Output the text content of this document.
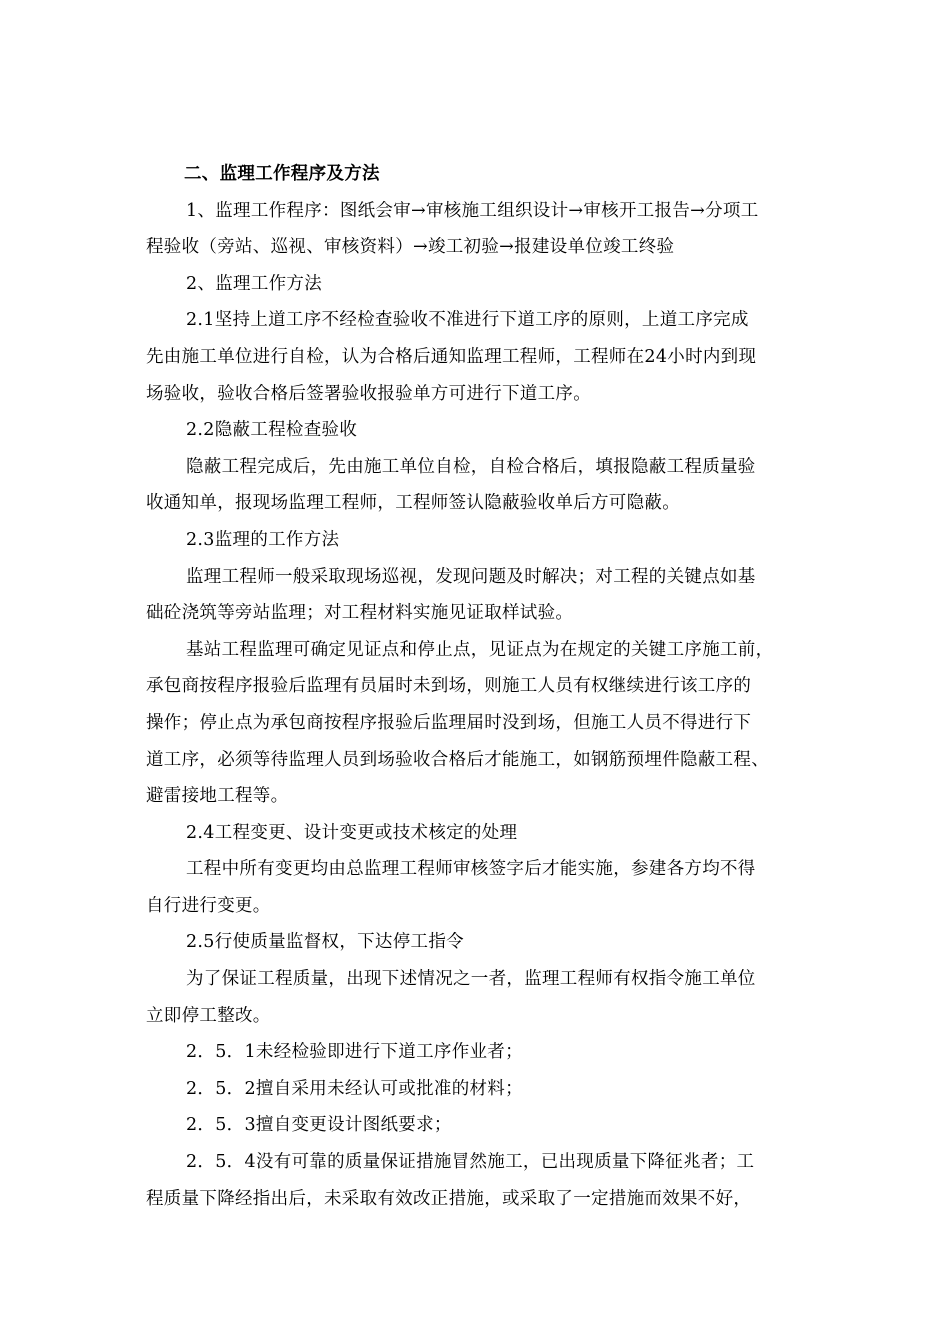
二、监理工作程序及方法

1、监理工作程序：图纸会审→审核施工组织设计→审核开工报告→分项工

程验收（旁站、巡视、审核资料）→竣工初验→报建设单位竣工终验

2、监理工作方法

2.1坚持上道工序不经检查验收不准进行下道工序的原则，上道工序完成

先由施工单位进行自检，认为合格后通知监理工程师，工程师在24小时内到现

场验收，验收合格后签署验收报验单方可进行下道工序。

2.2隐蔽工程检查验收

隐蔽工程完成后，先由施工单位自检，自检合格后，填报隐蔽工程质量验

收通知单，报现场监理工程师，工程师签认隐蔽验收单后方可隐蔽。

2.3监理的工作方法

监理工程师一般采取现场巡视，发现问题及时解决；对工程的关键点如基

础砼浇筑等旁站监理；对工程材料实施见证取样试验。

基站工程监理可确定见证点和停止点，见证点为在规定的关键工序施工前，

承包商按程序报验后监理有员届时未到场，则施工人员有权继续进行该工序的

操作；停止点为承包商按程序报验后监理届时没到场，但施工人员不得进行下

道工序，必须等待监理人员到场验收合格后才能施工，如钢筋预埋件隐蔽工程、

避雷接地工程等。

2.4工程变更、设计变更或技术核定的处理

工程中所有变更均由总监理工程师审核签字后才能实施，参建各方均不得

自行进行变更。

2.5行使质量监督权，下达停工指令

为了保证工程质量，出现下述情况之一者，监理工程师有权指令施工单位

立即停工整改。

2．5．1未经检验即进行下道工序作业者；

2．5．2擅自采用未经认可或批准的材料；

2．5．3擅自变更设计图纸要求；

2．5．4没有可靠的质量保证措施冒然施工，已出现质量下降征兆者；工

程质量下降经指出后，未采取有效改正措施，或采取了一定措施而效果不好，
